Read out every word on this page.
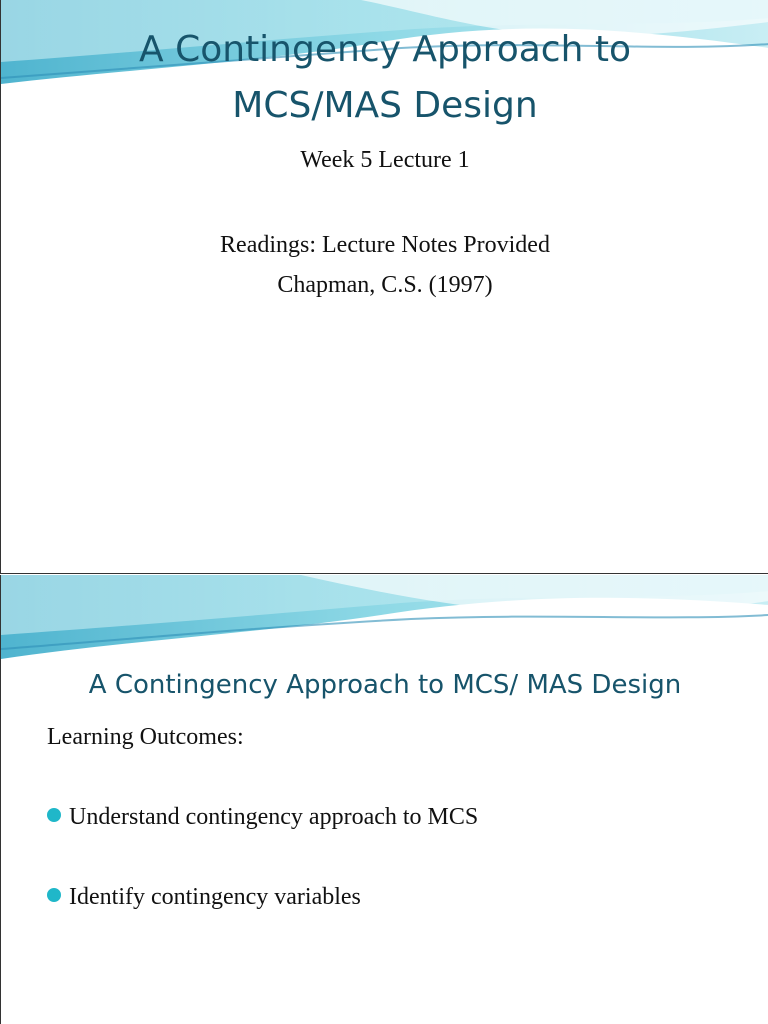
A Contingency Approach to
MCS/MAS Design
Week 5 Lecture 1
Readings: Lecture Notes Provided
Chapman, C.S. (1997)
A Contingency Approach to MCS/ MAS Design
Learning Outcomes:
Understand contingency approach to MCS
Identify contingency variables
